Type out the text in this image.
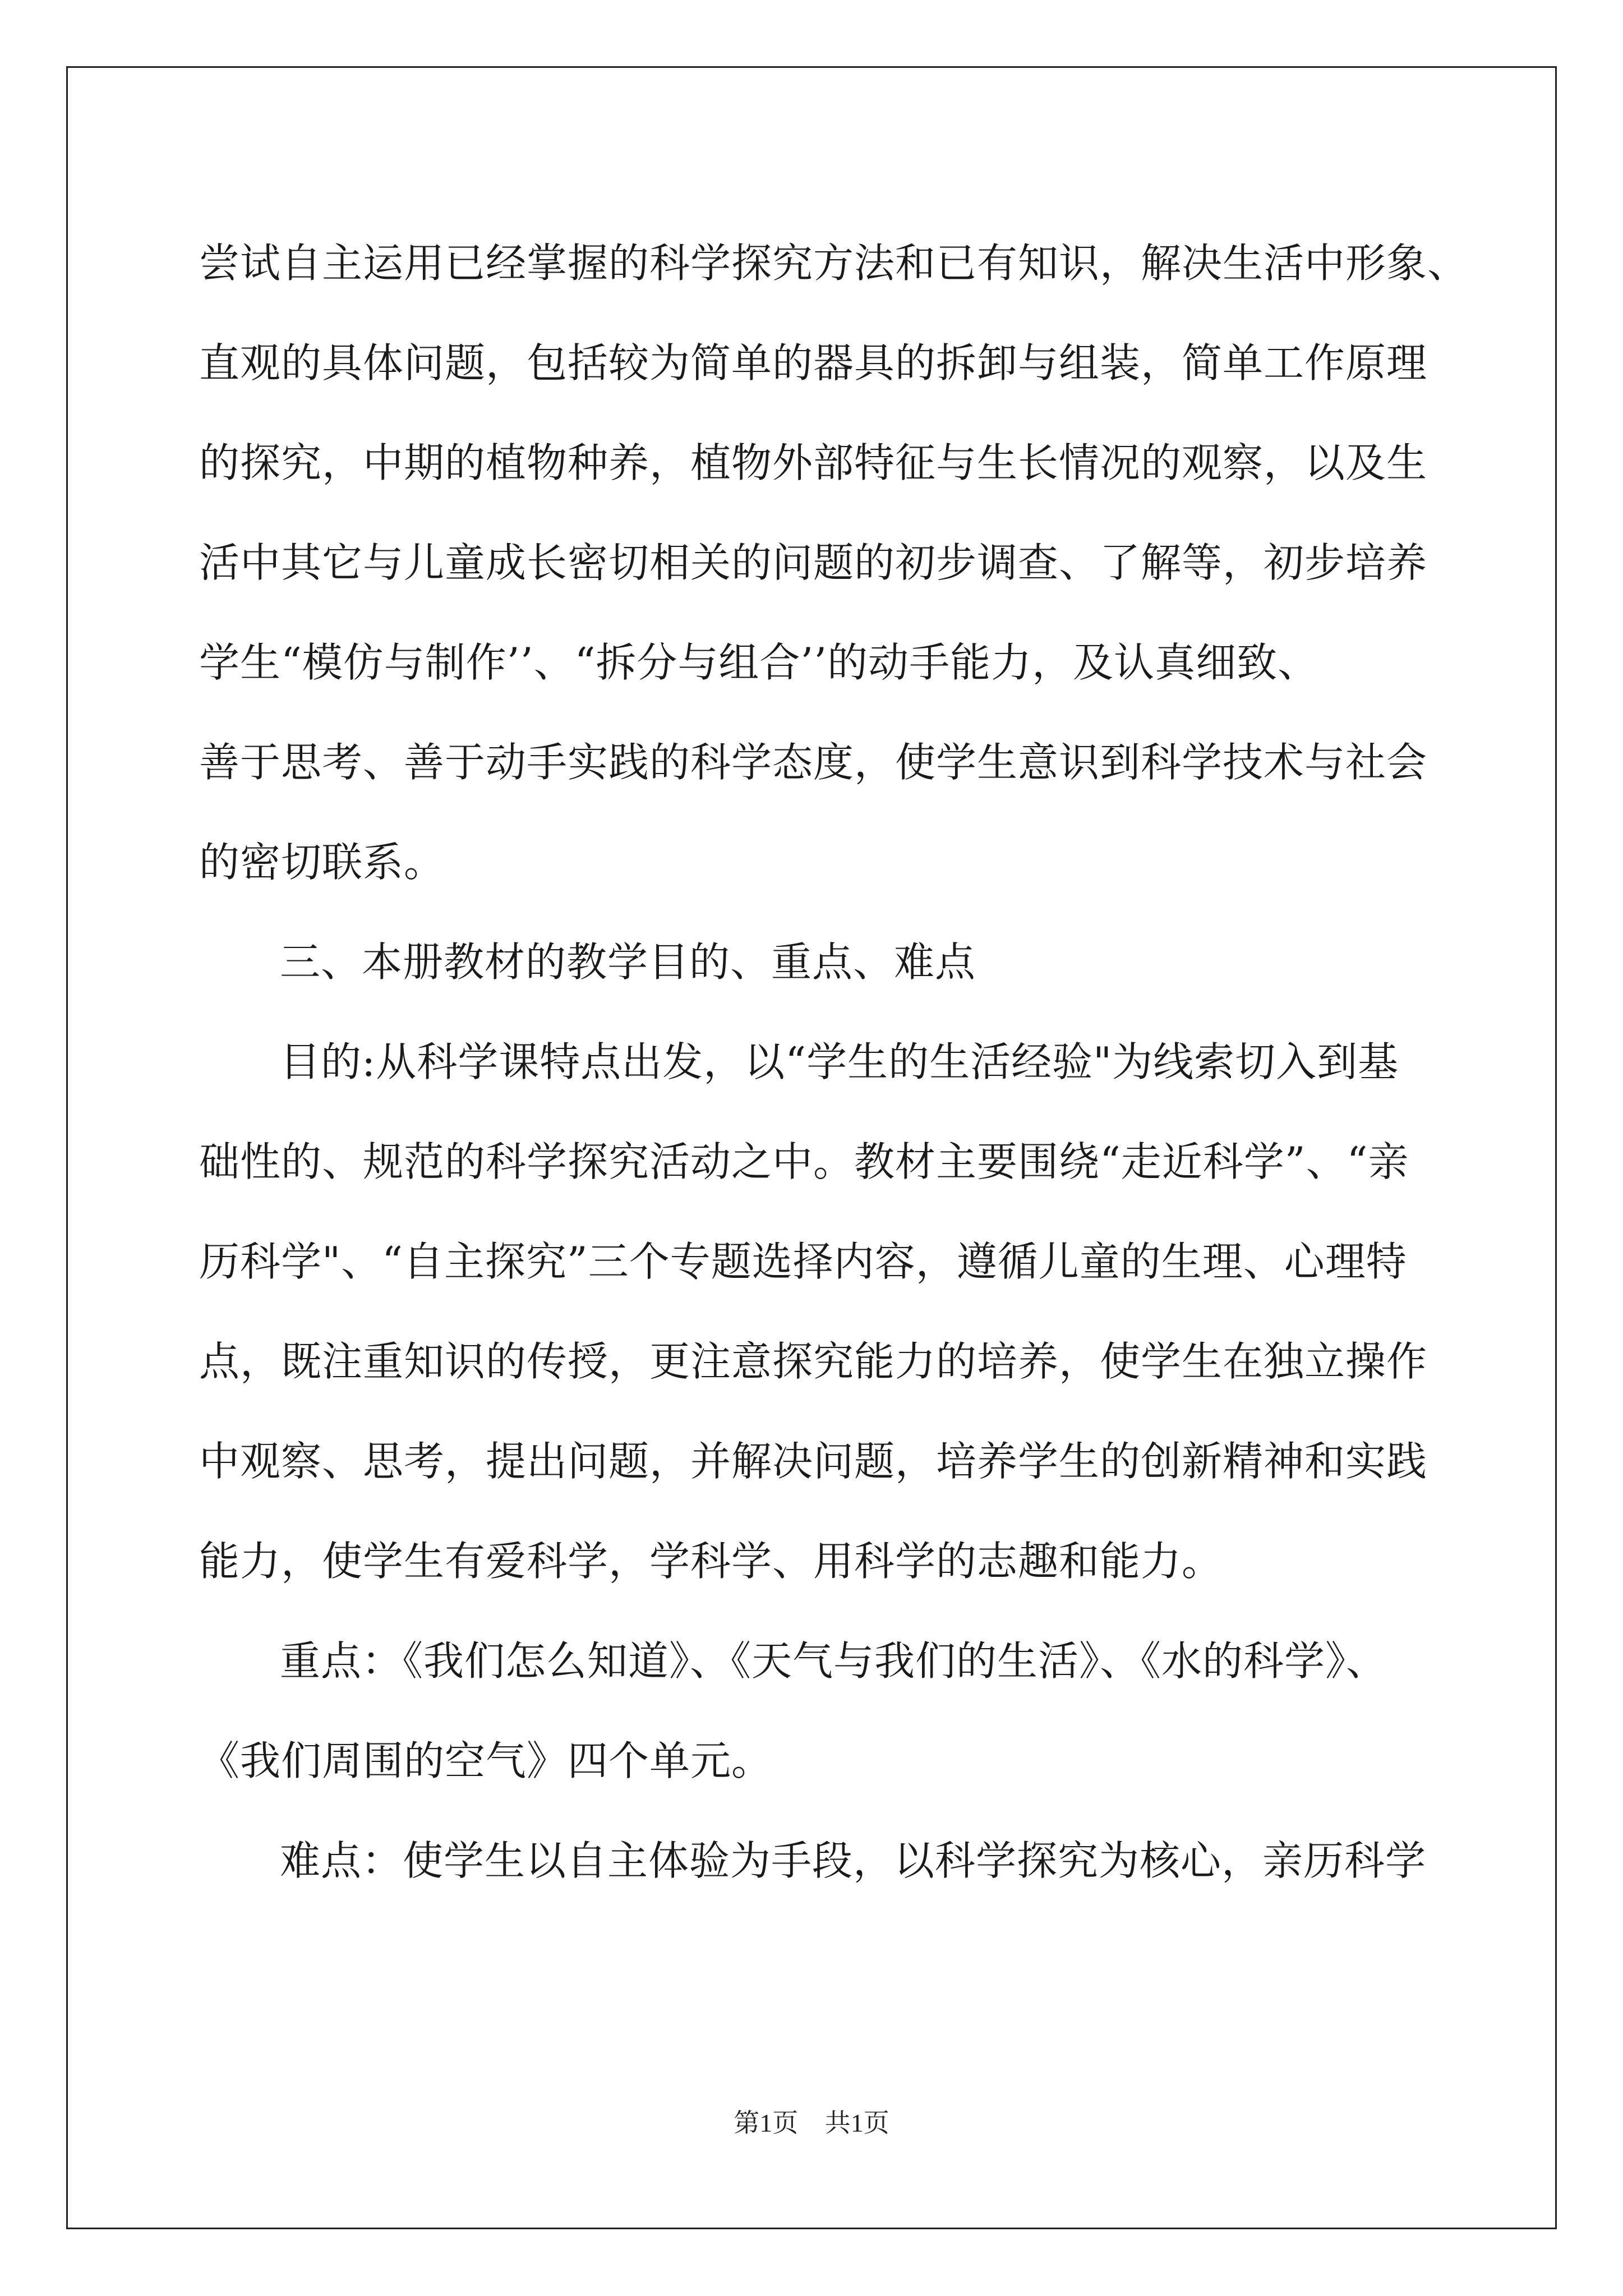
尝试自主运用已经掌握的科学探究方法和已有知识，解决生活中形象、
直观的具体问题，包括较为简单的器具的拆卸与组装，简单工作原理
的探究，中期的植物种养，植物外部特征与生长情况的观察，以及生
活中其它与儿童成长密切相关的问题的初步调查、了解等，初步培养
学生“模仿与制作’’、“拆分与组合’’的动手能力，及认真细致、
善于思考、善于动手实践的科学态度，使学生意识到科学技术与社会
的密切联系。
三、本册教材的教学目的、重点、难点
目的:从科学课特点出发，以“学生的生活经验"为线索切入到基
础性的、规范的科学探究活动之中。教材主要围绕“走近科学”、“亲
历科学"、“自主探究”三个专题选择内容，遵循儿童的生理、心理特
点，既注重知识的传授，更注意探究能力的培养，使学生在独立操作
中观察、思考，提出问题，并解决问题，培养学生的创新精神和实践
能力，使学生有爱科学，学科学、用科学的志趣和能力。
重点：《我们怎么知道》、《天气与我们的生活》、《水的科学》、
《我们周围的空气》四个单元。
难点：使学生以自主体验为手段，以科学探究为核心，亲历科学
第1页 共1页
